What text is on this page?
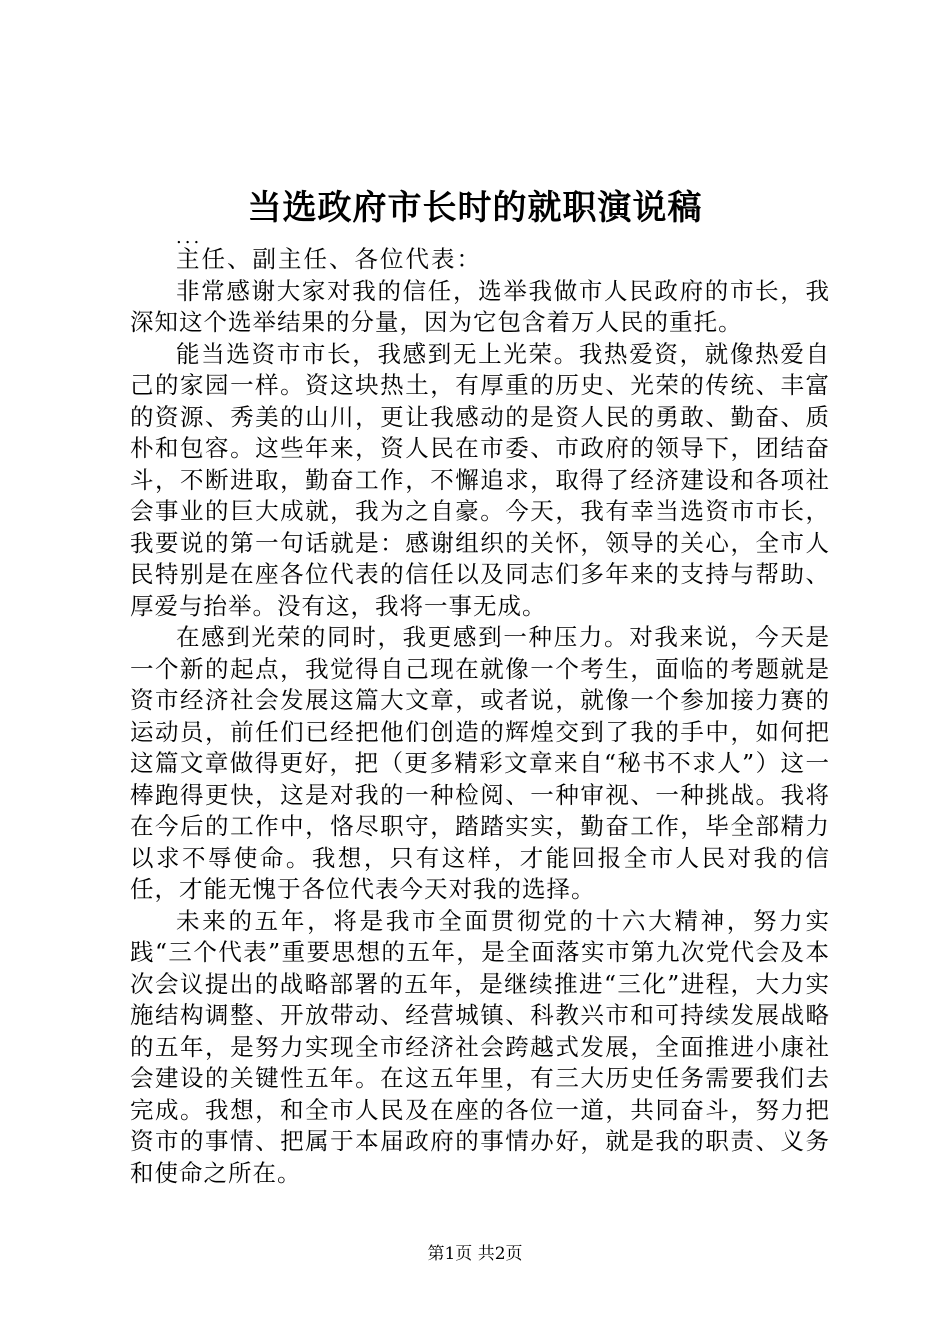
当选政府市长时的就职演说稿

...

主任、副主任、各位代表：

非常感谢大家对我的信任，选举我做市人民政府的市长，我深知这个选举结果的分量，因为它包含着万人民的重托。

能当选资市市长，我感到无上光荣。我热爱资，就像热爱自己的家园一样。资这块热土，有厚重的历史、光荣的传统、丰富的资源、秀美的山川，更让我感动的是资人民的勇敢、勤奋、质朴和包容。这些年来，资人民在市委、市政府的领导下，团结奋斗，不断进取，勤奋工作，不懈追求，取得了经济建设和各项社会事业的巨大成就，我为之自豪。今天，我有幸当选资市市长，我要说的第一句话就是：感谢组织的关怀，领导的关心，全市人民特别是在座各位代表的信任以及同志们多年来的支持与帮助、厚爱与抬举。没有这，我将一事无成。

在感到光荣的同时，我更感到一种压力。对我来说，今天是一个新的起点，我觉得自己现在就像一个考生，面临的考题就是资市经济社会发展这篇大文章，或者说，就像一个参加接力赛的运动员，前任们已经把他们创造的辉煌交到了我的手中，如何把这篇文章做得更好，把（更多精彩文章来自“秘书不求人”）这一棒跑得更快，这是对我的一种检阅、一种审视、一种挑战。我将在今后的工作中，恪尽职守，踏踏实实，勤奋工作，毕全部精力以求不辱使命。我想，只有这样，才能回报全市人民对我的信任，才能无愧于各位代表今天对我的选择。

未来的五年，将是我市全面贯彻党的十六大精神，努力实践“三个代表”重要思想的五年，是全面落实市第九次党代会及本次会议提出的战略部署的五年，是继续推进“三化”进程，大力实施结构调整、开放带动、经营城镇、科教兴市和可持续发展战略的五年，是努力实现全市经济社会跨越式发展，全面推进小康社会建设的关键性五年。在这五年里，有三大历史任务需要我们去完成。我想，和全市人民及在座的各位一道，共同奋斗，努力把资市的事情、把属于本届政府的事情办好，就是我的职责、义务和使命之所在。

第1页 共2页
